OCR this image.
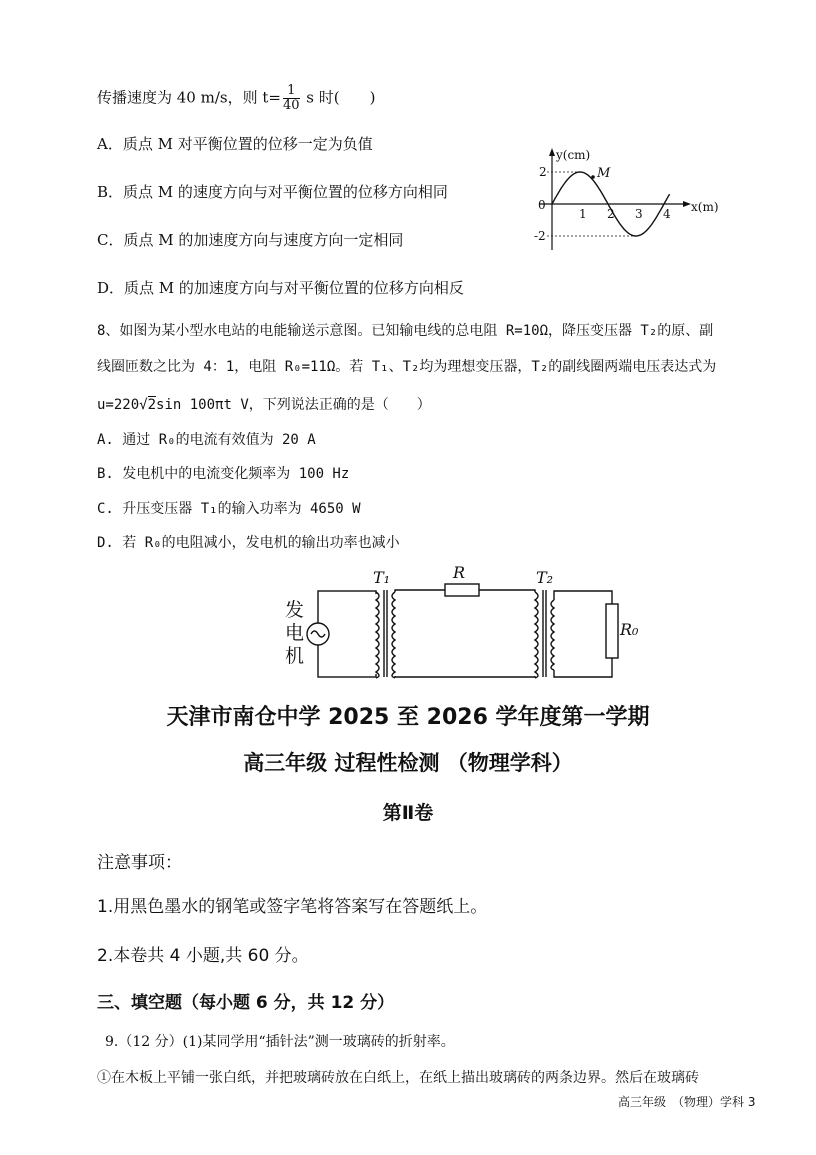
传播速度为 40 m/s，则 $t= \frac{1}{40}$ s 时(　　)
A．质点 M 对平衡位置的位移一定为负值
B．质点 M 的速度方向与对平衡位置的位移方向相同
C．质点 M 的加速度方向与速度方向一定相同
D．质点 M 的加速度方向与对平衡位置的位移方向相反
y(cm)
x(m)
M
0
2
-2
1 2 3 4
8、如图为某小型水电站的电能输送示意图。已知输电线的总电阻 R=10Ω，降压变压器 T₂的原、副
线圈匝数之比为 4：1，电阻 R₀=11Ω。若 T₁、T₂均为理想变压器，T₂的副线圈两端电压表达式为
u=220√2sin 100πt V，下列说法正确的是（　　）
A. 通过 R₀的电流有效值为 20 A
B. 发电机中的电流变化频率为 100 Hz
C. 升压变压器 T₁的输入功率为 4650 W
D. 若 R₀的电阻减小，发电机的输出功率也减小
发
电
机
T₁	R	T₂
R₀
天津市南仓中学 2025 至 2026 学年度第一学期
高三年级 过程性检测 （物理学科）
第Ⅱ卷
注意事项：
1.用黑色墨水的钢笔或签字笔将答案写在答题纸上。
2.本卷共 4 小题,共 60 分。
三、填空题（每小题 6 分，共 12 分）
9.（12 分）(1)某同学用“插针法”测一玻璃砖的折射率。
①在木板上平铺一张白纸，并把玻璃砖放在白纸上，在纸上描出玻璃砖的两条边界。然后在玻璃砖
高三年级　（物理）学科 3
